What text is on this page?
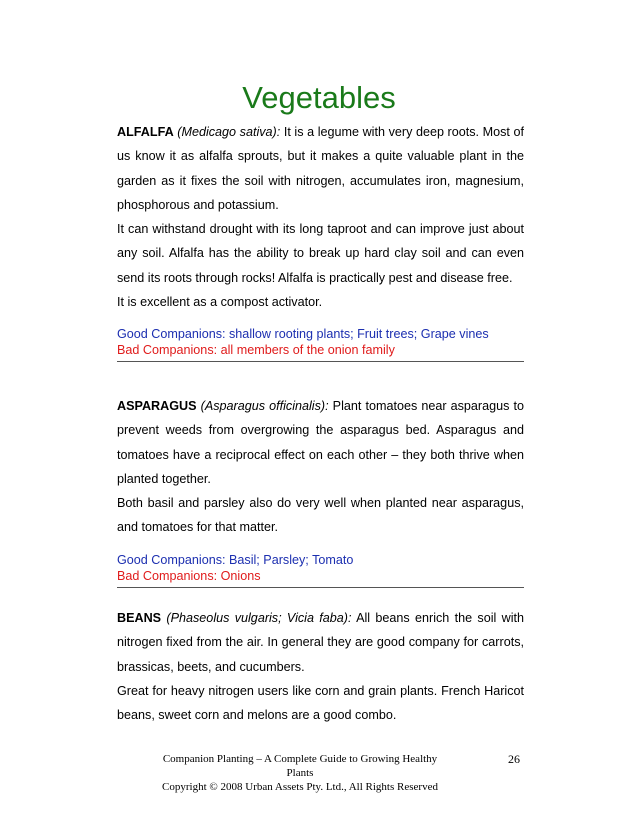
Vegetables

ALFALFA (Medicago sativa): It is a legume with very deep roots. Most of us know it as alfalfa sprouts, but it makes a quite valuable plant in the garden as it fixes the soil with nitrogen, accumulates iron, magnesium, phosphorous and potassium.

It can withstand drought with its long taproot and can improve just about any soil. Alfalfa has the ability to break up hard clay soil and can even send its roots through rocks! Alfalfa is practically pest and disease free.

It is excellent as a compost activator.

Good Companions: shallow rooting plants; Fruit trees; Grape vines

Bad Companions: all members of the onion family

ASPARAGUS (Asparagus officinalis): Plant tomatoes near asparagus to prevent weeds from overgrowing the asparagus bed. Asparagus and tomatoes have a reciprocal effect on each other – they both thrive when planted together.

Both basil and parsley also do very well when planted near asparagus, and tomatoes for that matter.

Good Companions: Basil; Parsley; Tomato

Bad Companions: Onions

BEANS (Phaseolus vulgaris; Vicia faba): All beans enrich the soil with nitrogen fixed from the air. In general they are good company for carrots, brassicas, beets, and cucumbers.

Great for heavy nitrogen users like corn and grain plants. French Haricot beans, sweet corn and melons are a good combo.

Companion Planting – A Complete Guide to Growing Healthy Plants
Copyright © 2008 Urban Assets Pty. Ltd., All Rights Reserved
26
